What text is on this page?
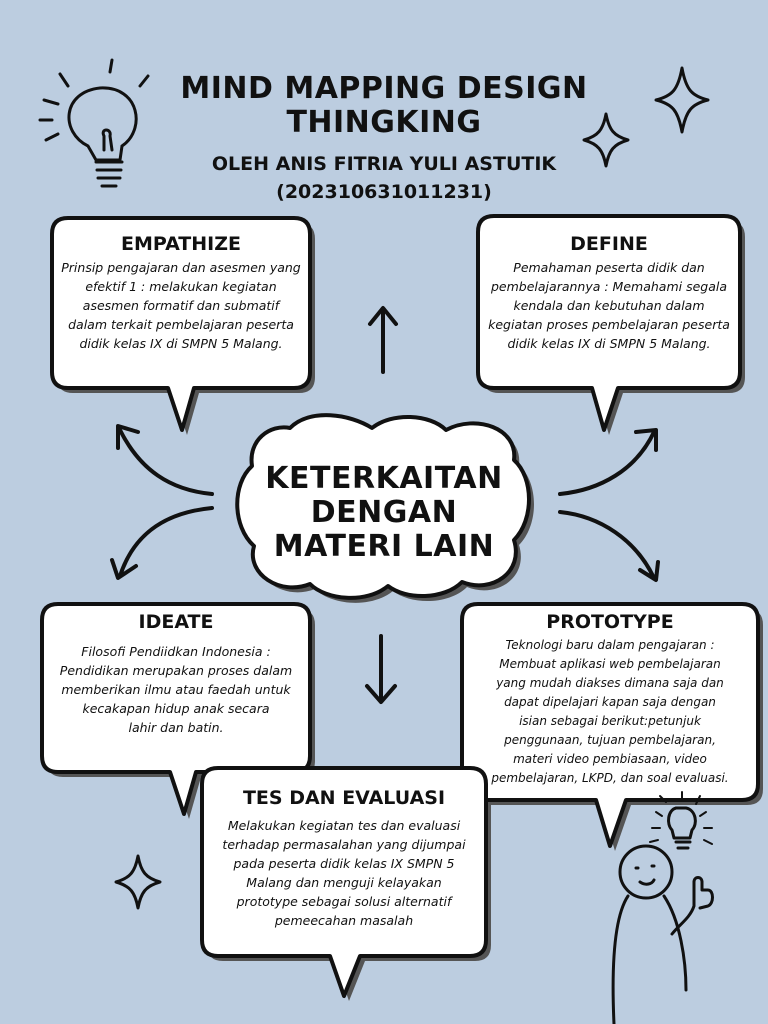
MIND MAPPING DESIGN
THINGKING
OLEH ANIS FITRIA YULI ASTUTIK
(202310631011231)
EMPATHIZE
Prinsip pengajaran dan asesmen yang
efektif 1 : melakukan kegiatan
asesmen formatif dan submatif
dalam terkait pembelajaran peserta
didik kelas IX di SMPN 5 Malang.
DEFINE
Pemahaman peserta didik dan
pembelajarannya : Memahami segala
kendala dan kebutuhan dalam
kegiatan proses pembelajaran peserta
didik kelas IX di SMPN 5 Malang.
KETERKAITAN
DENGAN
MATERI LAIN
IDEATE
Filosofi Pendiidkan Indonesia :
Pendidikan merupakan proses dalam
memberikan ilmu atau faedah untuk
kecakapan hidup anak secara
lahir dan batin.
PROTOTYPE
Teknologi baru dalam pengajaran :
Membuat aplikasi web pembelajaran
yang mudah diakses dimana saja dan
dapat dipelajari kapan saja dengan
isian sebagai berikut:petunjuk
penggunaan, tujuan pembelajaran,
materi video pembiasaan, video
pembelajaran, LKPD, dan soal evaluasi.
TES DAN EVALUASI
Melakukan kegiatan tes dan evaluasi
terhadap permasalahan yang dijumpai
pada peserta didik kelas IX SMPN 5
Malang dan menguji kelayakan
prototype sebagai solusi alternatif
pemeecahan masalah
